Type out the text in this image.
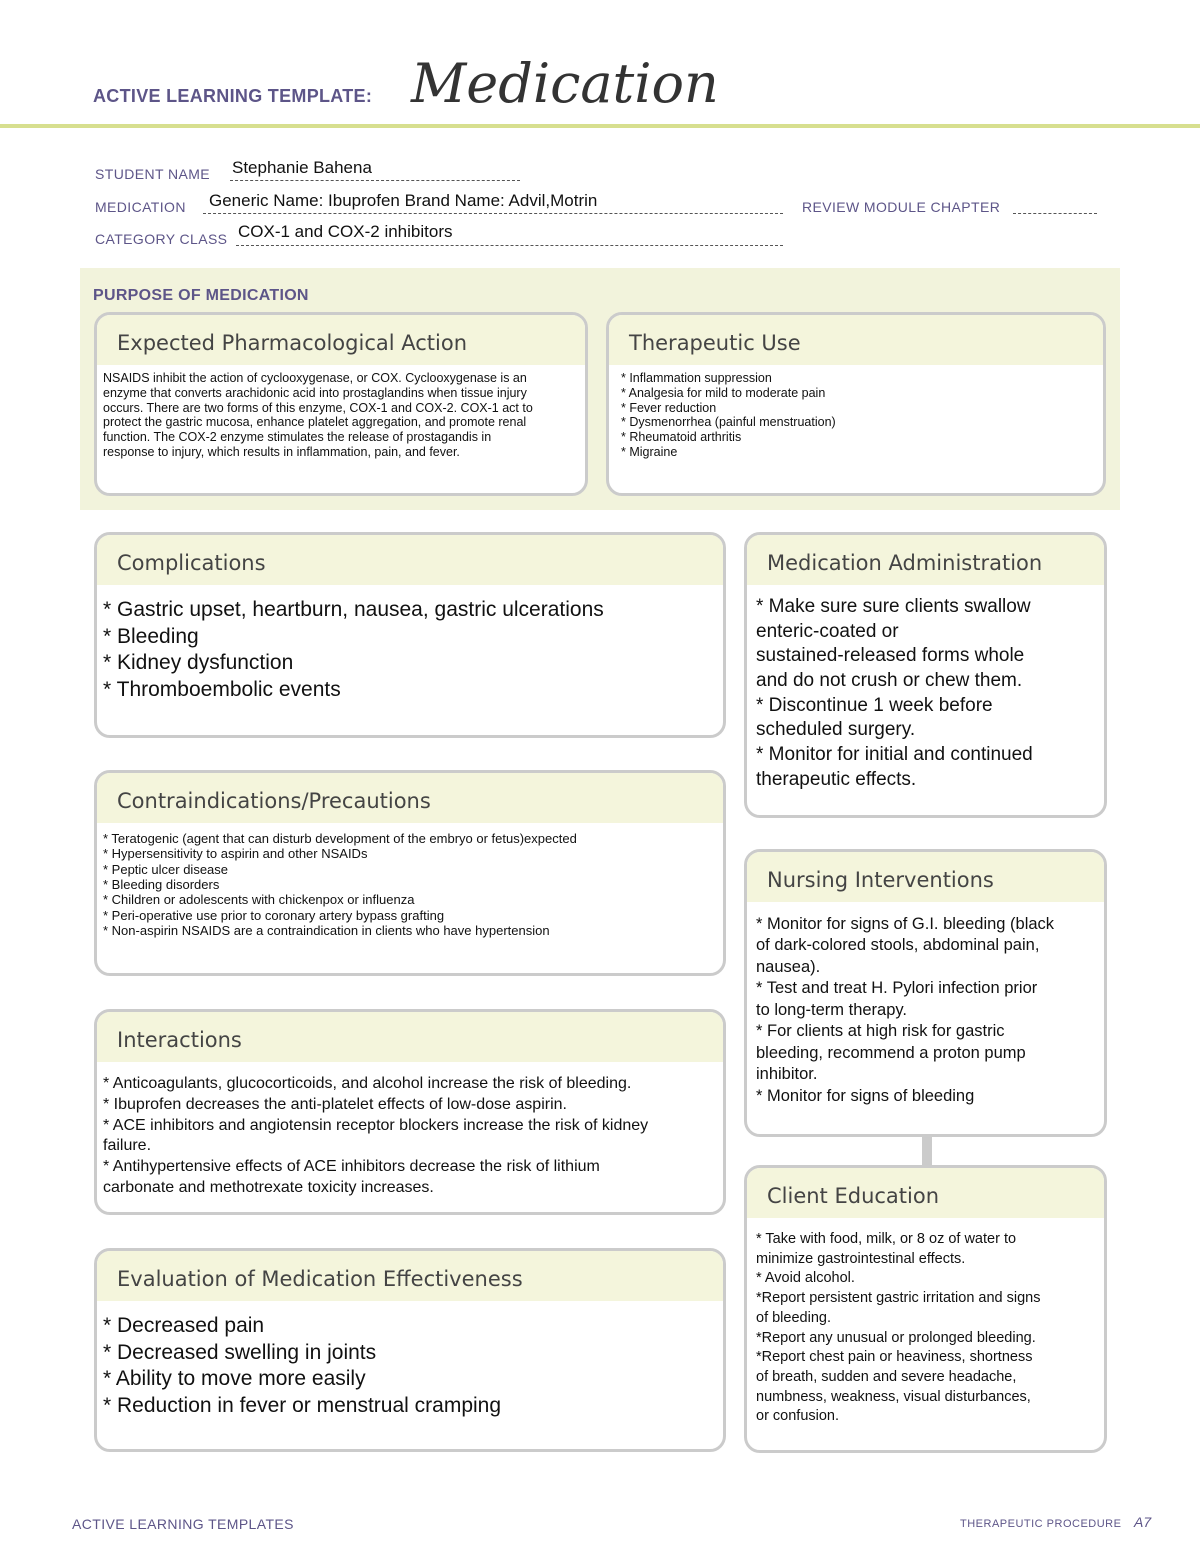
ACTIVE LEARNING TEMPLATE: Medication
STUDENT NAME Stephanie Bahena
MEDICATION Generic Name: Ibuprofen Brand Name: Advil,Motrin	REVIEW MODULE CHAPTER
CATEGORY CLASS COX-1 and COX-2 inhibitors
PURPOSE OF MEDICATION
Expected Pharmacological Action
NSAIDS inhibit the action of cyclooxygenase, or COX. Cyclooxygenase is an
enzyme that converts arachidonic acid into prostaglandins when tissue injury
occurs. There are two forms of this enzyme, COX-1 and COX-2. COX-1 act to
protect the gastric mucosa, enhance platelet aggregation, and promote renal
function. The COX-2 enzyme stimulates the release of prostagandis in
response to injury, which results in inflammation, pain, and fever.
Therapeutic Use
* Inflammation suppression
* Analgesia for mild to moderate pain
* Fever reduction
* Dysmenorrhea (painful menstruation)
* Rheumatoid arthritis
* Migraine
Complications
* Gastric upset, heartburn, nausea, gastric ulcerations
* Bleeding
* Kidney dysfunction
* Thromboembolic events
Contraindications/Precautions
* Teratogenic (agent that can disturb development of the embryo or fetus)expected
* Hypersensitivity to aspirin and other NSAIDs
* Peptic ulcer disease
* Bleeding disorders
* Children or adolescents with chickenpox or influenza
* Peri-operative use prior to coronary artery bypass grafting
* Non-aspirin NSAIDS are a contraindication in clients who have hypertension
Interactions
* Anticoagulants, glucocorticoids, and alcohol increase the risk of bleeding.
* Ibuprofen decreases the anti-platelet effects of low-dose aspirin.
* ACE inhibitors and angiotensin receptor blockers increase the risk of kidney
failure.
* Antihypertensive effects of ACE inhibitors decrease the risk of lithium
carbonate and methotrexate toxicity increases.
Evaluation of Medication Effectiveness
* Decreased pain
* Decreased swelling in joints
* Ability to move more easily
* Reduction in fever or menstrual cramping
Medication Administration
* Make sure sure clients swallow
enteric-coated or
sustained-released forms whole
and do not crush or chew them.
* Discontinue 1 week before
scheduled surgery.
* Monitor for initial and continued
therapeutic effects.
Nursing Interventions
* Monitor for signs of G.I. bleeding (black
of dark-colored stools, abdominal pain,
nausea).
* Test and treat H. Pylori infection prior
to long-term therapy.
* For clients at high risk for gastric
bleeding, recommend a proton pump
inhibitor.
* Monitor for signs of bleeding
Client Education
* Take with food, milk, or 8 oz of water to
minimize gastrointestinal effects.
* Avoid alcohol.
*Report persistent gastric irritation and signs
of bleeding.
*Report any unusual or prolonged bleeding.
*Report chest pain or heaviness, shortness
of breath, sudden and severe headache,
numbness, weakness, visual disturbances,
or confusion.
ACTIVE LEARNING TEMPLATES	THERAPEUTIC PROCEDURE A7
